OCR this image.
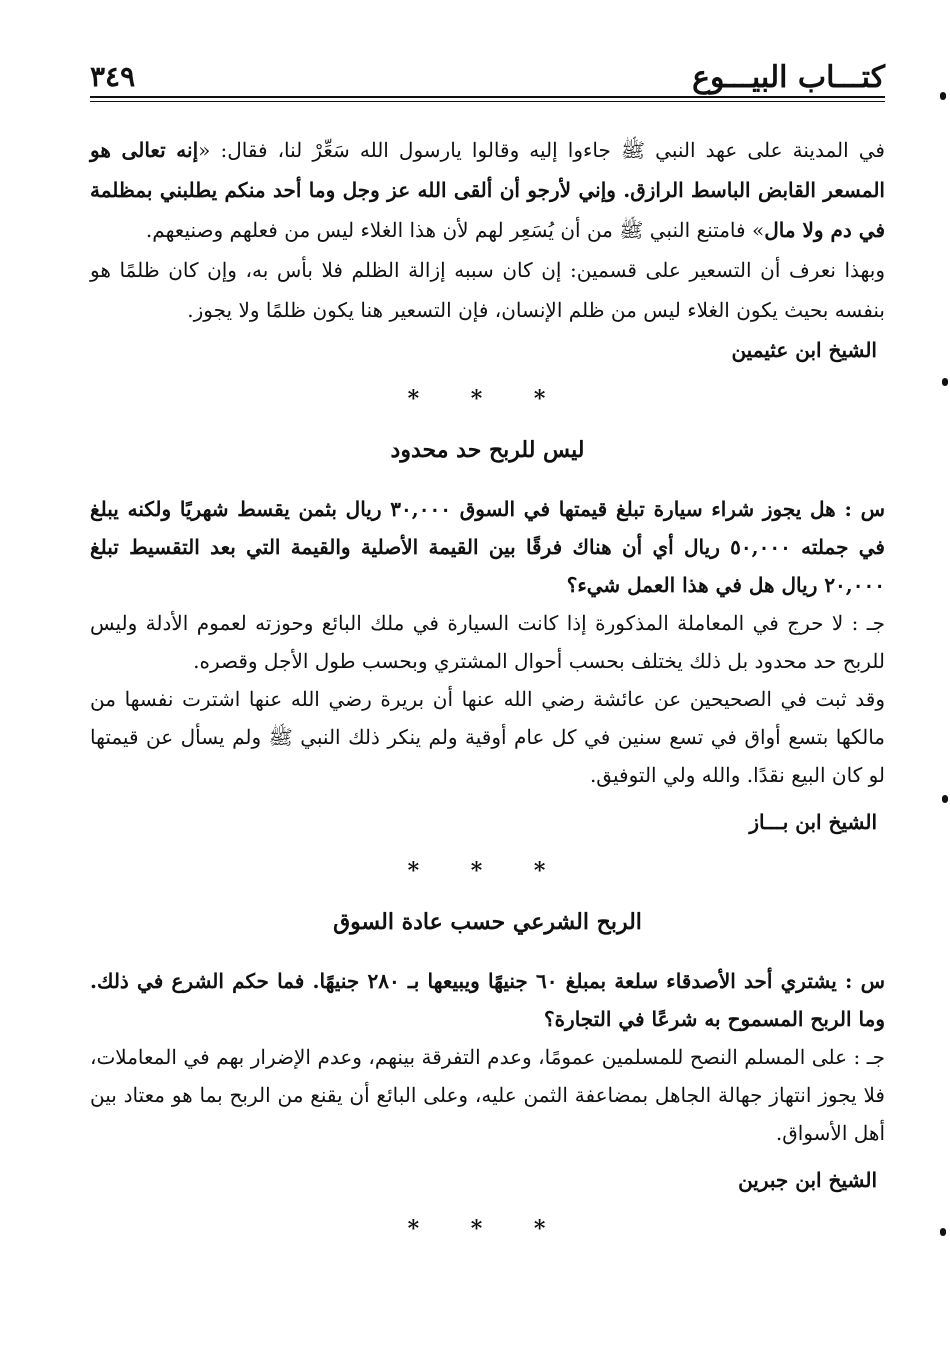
كتـــاب البيـــوع
٣٤٩

في المدينة على عهد النبي ﷺ جاءوا إليه وقالوا يارسول الله سَعِّرْ لنا، فقال: «إنه تعالى هو المسعر القابض الباسط الرازق. وإني لأرجو أن ألقى الله عز وجل وما أحد منكم يطلبني بمظلمة في دم ولا مال» فامتنع النبي ﷺ من أن يُسَعِر لهم لأن هذا الغلاء ليس من فعلهم وصنيعهم.

وبهذا نعرف أن التسعير على قسمين: إن كان سببه إزالة الظلم فلا بأس به، وإن كان ظلمًا هو بنفسه بحيث يكون الغلاء ليس من ظلم الإنسان، فإن التسعير هنا يكون ظلمًا ولا يجوز.

الشيخ ابن عثيمين

* * *
ليس للربح حد محدود

س : هل يجوز شراء سيارة تبلغ قيمتها في السوق ٣٠,٠٠٠ ريال بثمن يقسط شهريًا ولكنه يبلغ في جملته ٥٠,٠٠٠ ريال أي أن هناك فرقًا بين القيمة الأصلية والقيمة التي بعد التقسيط تبلغ ٢٠,٠٠٠ ريال هل في هذا العمل شيء؟

جـ : لا حرج في المعاملة المذكورة إذا كانت السيارة في ملك البائع وحوزته لعموم الأدلة وليس للربح حد محدود بل ذلك يختلف بحسب أحوال المشتري وبحسب طول الأجل وقصره.

وقد ثبت في الصحيحين عن عائشة رضي الله عنها أن بريرة رضي الله عنها اشترت نفسها من مالكها بتسع أواق في تسع سنين في كل عام أوقية ولم ينكر ذلك النبي ﷺ ولم يسأل عن قيمتها لو كان البيع نقدًا. والله ولي التوفيق.

الشيخ ابن بـــاز

* * *
الربح الشرعي حسب عادة السوق

س : يشتري أحد الأصدقاء سلعة بمبلغ ٦٠ جنيهًا ويبيعها بـ ٢٨٠ جنيهًا. فما حكم الشرع في ذلك. وما الربح المسموح به شرعًا في التجارة؟

جـ : على المسلم النصح للمسلمين عمومًا، وعدم التفرقة بينهم، وعدم الإضرار بهم في المعاملات، فلا يجوز انتهاز جهالة الجاهل بمضاعفة الثمن عليه، وعلى البائع أن يقنع من الربح بما هو معتاد بين أهل الأسواق.

الشيخ ابن جبرين

* * *
